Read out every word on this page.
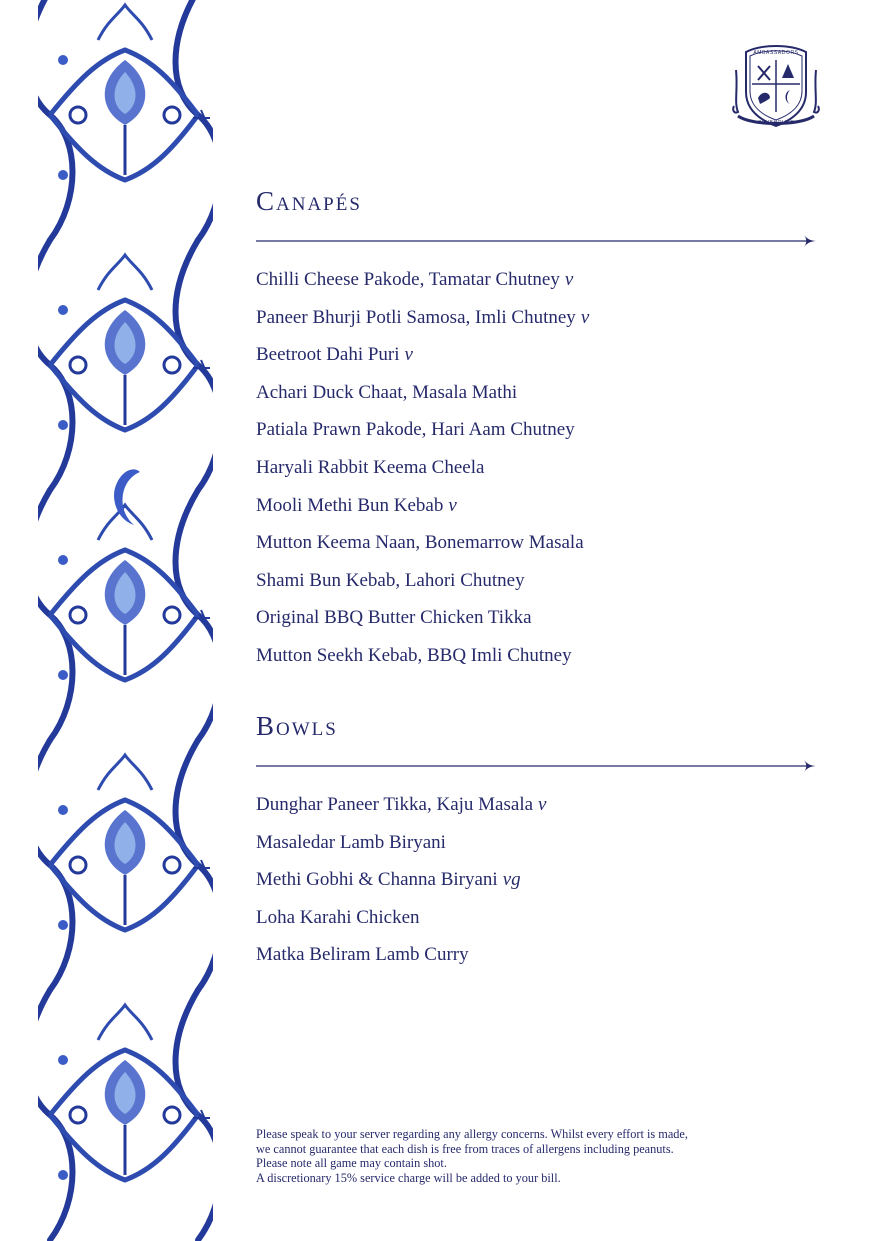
AMBASSADORS
CLUBHOUSE
Canapés
Chilli Cheese Pakode, Tamatar Chutney v
Paneer Bhurji Potli Samosa, Imli Chutney v
Beetroot Dahi Puri v
Achari Duck Chaat, Masala Mathi
Patiala Prawn Pakode, Hari Aam Chutney
Haryali Rabbit Keema Cheela
Mooli Methi Bun Kebab v
Mutton Keema Naan, Bonemarrow Masala
Shami Bun Kebab, Lahori Chutney
Original BBQ Butter Chicken Tikka
Mutton Seekh Kebab, BBQ Imli Chutney
Bowls
Dunghar Paneer Tikka, Kaju Masala v
Masaledar Lamb Biryani
Methi Gobhi & Channa Biryani vg
Loha Karahi Chicken
Matka Beliram Lamb Curry
Please speak to your server regarding any allergy concerns. Whilst every effort is made,
we cannot guarantee that each dish is free from traces of allergens including peanuts.
Please note all game may contain shot.
A discretionary 15% service charge will be added to your bill.
